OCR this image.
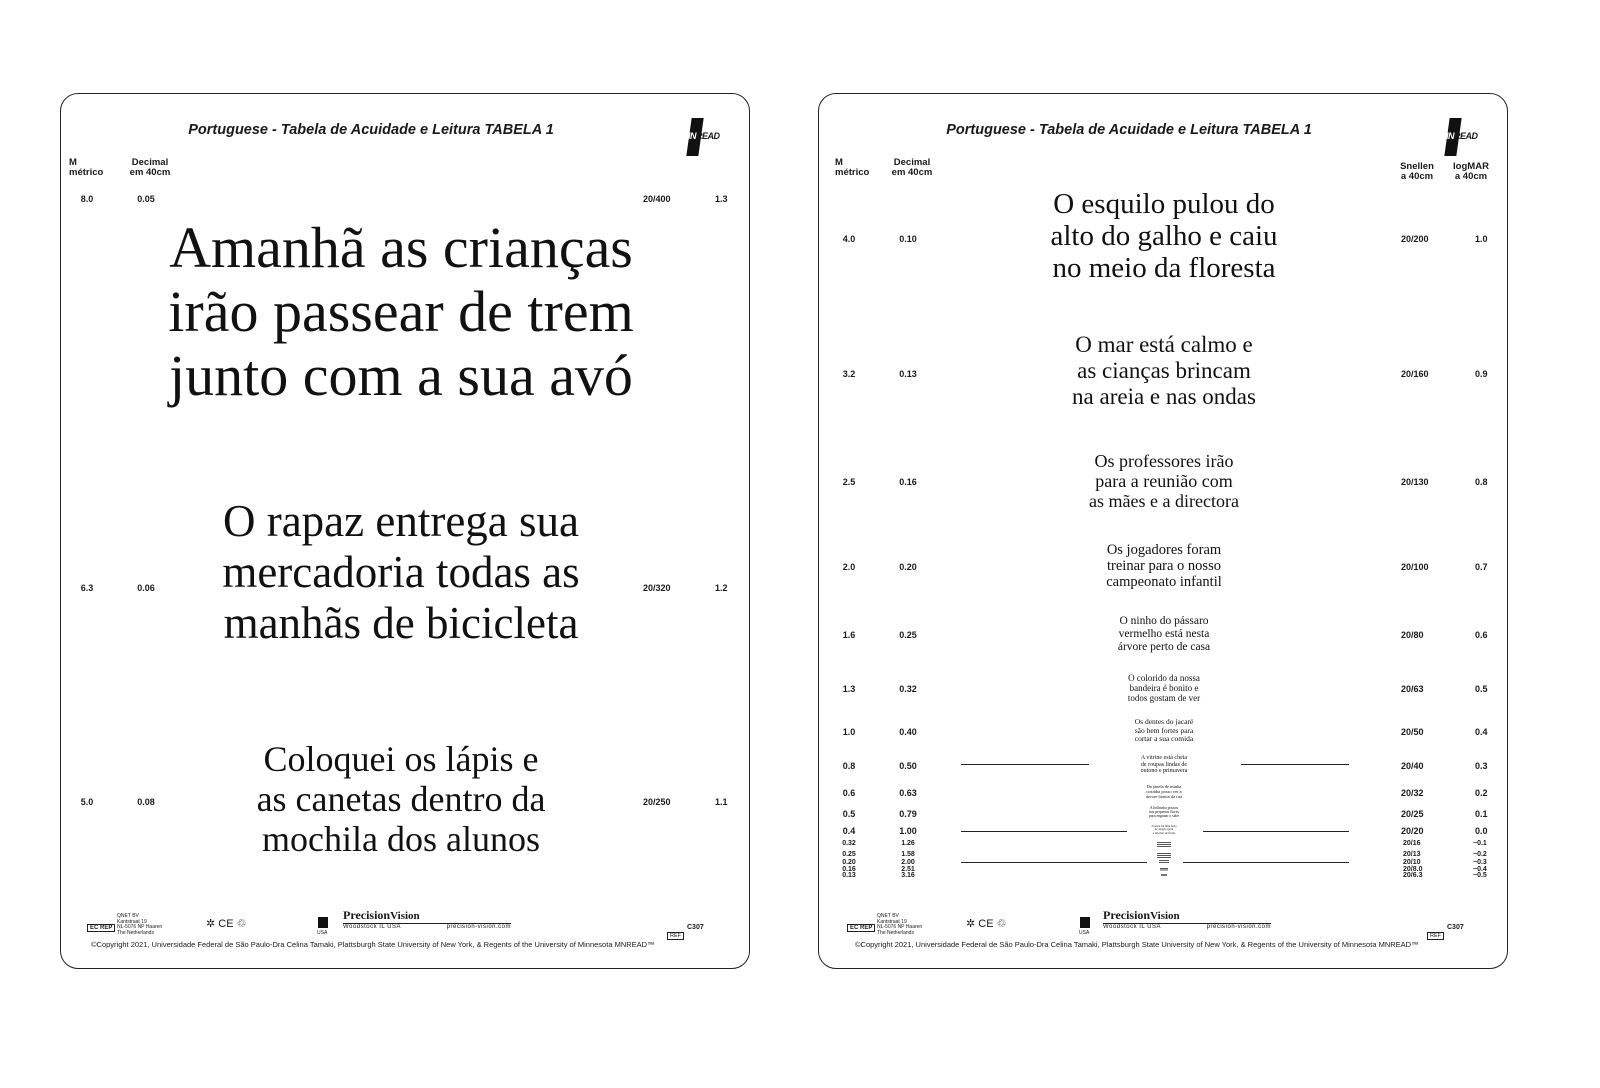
Portuguese - Tabela de Acuidade e Leitura TABELA 1	MNREAD
M
métrico
Decimal
em 40cm
8.0	0.05	20/400	1.3
Amanhã as crianças
irão passear de trem
junto com a sua avó
6.3	0.06	20/320	1.2
O rapaz entrega sua
mercadoria todas as
manhãs de bicicleta
5.0	0.08	20/250	1.1
Coloquei os lápis e
as canetas dentro da
mochila dos alunos
EC REP
QNET BV
Kantstraat 19
NL-5076 NP Haaren
The Netherlands
✲ CE ♲
USA
PrecisionVision
Woodstock IL USA	precision-vision.com
REF
C307
©Copyright 2021, Universidade Federal de São Paulo-Dra Celina Tamaki, Plattsburgh State University of New York, & Regents of the University of Minnesota MNREAD™
Portuguese - Tabela de Acuidade e Leitura TABELA 1	MNREAD
M
métrico
Decimal
em 40cm
Snellen
a 40cm
logMAR
a 40cm
4.0	0.10	20/200	1.0
O esquilo pulou do
alto do galho e caiu
no meio da floresta
3.2	0.13	20/160	0.9
O mar está calmo e
as cianças brincam
na areia e nas ondas
2.5	0.16	20/130	0.8
Os professores irão
para a reunião com
as mães e a directora
2.0	0.20	20/100	0.7
Os jogadores foram
treinar para o nosso
campeonato infantil
1.6	0.25	20/80	0.6
O ninho do pássaro
vermelho está nesta
árvore perto de casa
1.3	0.32	20/63	0.5
O colorido da nossa
bandeira é bonito e
todos gostam de ver
1.0	0.40	20/50	0.4
Os dentes do jacaré
são bem fortes para
cortar a sua comida
0.8	0.50	20/40	0.3
A vitrine está cheia
de roupas lindas de
outono e primavera
0.6	0.63	20/32	0.2
Da janela de minha
cozinha posso ver a
árvore bonita da rua
0.5	0.79	20/25	0.1
A bolhinha possou
nas pequenas flores
para enganar o sabe
0.4	1.00	20/20	0.0
A noite foi uma festa
de alegria geral
e um mar de frutas
0.32	1.26	20/16	−0.1
0.25	1.58	20/13	−0.2
0.20	2.00	20/10	−0.3
0.16	2.51	20/8.0	−0.4
0.13	3.16	20/6.3	−0.5
EC REP
QNET BV
Kantstraat 19
NL-5076 NP Haaren
The Netherlands
✲ CE ♲
USA
PrecisionVision
Woodstock IL USA	precision-vision.com
REF
C307
©Copyright 2021, Universidade Federal de São Paulo-Dra Celina Tamaki, Plattsburgh State University of New York, & Regents of the University of Minnesota MNREAD™
